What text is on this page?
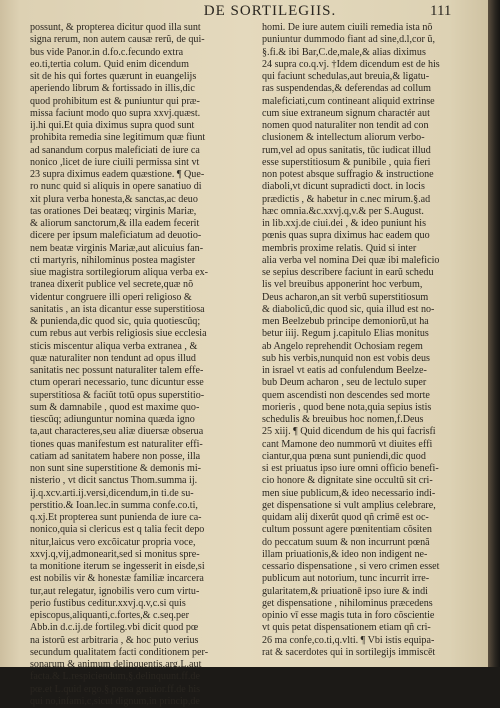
DE SORTILEGIIS.	111
possunt, & propterea dicitur quod illa sunt
signa rerum, non autem causæ rerũ, de qui-
bus vide Panor.in d.fo.c.fecundo extra
eo.ti,tertia colum. Quid enim dicendum
sit de his qui fortes quærunt in euangelijs
aperiendo librum & fortissado in illis,dic
quod prohibitum est & puniuntur qui præ-
missa faciunt modo quo supra xxvj.quæst.
ij.hi qui.Et quia diximus supra quod sunt
prohibita remedia sine legitimum quæ fiunt
ad sanandum corpus maleficiati de iure ca
nonico ,licet de iure ciuili permissa sint vt
23 supra diximus eadem quæstione. ¶ Que-
ro nunc quid si aliquis in opere sanatiuo di
xit plura verba honesta,& sanctas,ac deuo
tas orationes Dei beatæq; virginis Mariæ,
& aliorum sanctorum,& illa eadem fecerit
dicere per ipsum maleficiatum ad deuotio-
nem beatæ virginis Mariæ,aut alicuius fan-
cti martyris, nihilominus postea magister
siue magistra sortilegiorum aliqua verba ex-
tranea dixerit publice vel secrete,quæ nõ
videntur congruere illi operi religioso &
sanitatis , an ista dicantur esse superstitiosa
& punienda,dic quod sic, quia quotiescũq;
cum rebus aut verbis religiosis siue ecclesia
sticis miscentur aliqua verba extranea , &
quæ naturaliter non tendunt ad opus illud
sanitatis nec possunt naturaliter talem effe-
ctum operari necessario, tunc dicuntur esse
superstitiosa & faciũt totũ opus superstitio-
sum & damnabile , quod est maxime quo-
tiescũq; adiunguntur nomina quæda igno
ta,aut characteres,seu aliæ diuersæ obserua
tiones quas manifestum est naturaliter effi-
catiam ad sanitatem habere non posse, illa
non sunt sine superstitione & demonis mi-
nisterio , vt dicit sanctus Thom.summa ij.
ij.q.xcv.arti.ij.versi,dicendum,in ti.de su-
perstitio.& Ioan.lec.in summa confe.co.ti,
q.xj.Et propterea sunt punienda de iure ca-
nonico,quia si clericus est q talia fecit depo
nitur,laicus vero excõicatur propria voce,
xxvj.q,vij,admonearit,sed si monitus spre-
ta monitione iterum se ingesserit in eisde,si
est nobilis vir & honestæ familiæ incarcera
tur,aut relegatur, ignobilis vero cum virtu-
perio fustibus ceditur.xxvj.q.v,c.si quis
episcopus,aliquanti,c.fortes,& c.seq.per
Abb.in d.c.ij.de fortileg.vbi dicit quod pœ
na istorũ est arbitraria , & hoc puto verius
secundum qualitatem facti conditionem per-
sonarum & animum delinquentis,arg.L.aut
facta.& L.respiciendum,§.delinquunt.ff.de
pœ.et L.quid ergo.§.pœna grauior.ff.de his
qui no,infami,c,sicut dignum,in princip,de
homi. De iure autem ciuili remedia ista nõ
puniuntur dummodo fiant ad sine,d.l,cor ũ,
§.fi.& ibi Bar,C.de,male,& alias diximus
24 supra co.q.vj. †Idem dicendum est de his
qui faciunt schedulas,aut breuia,& ligatu-
ras suspendendas,& deferendas ad collum
maleficiati,cum contineant aliquid extrinse
cum siue extraneum signum charactér aut
nomen quod naturaliter non tendit ad con
clusionem & intellectum aliorum verbo-
rum,vel ad opus sanitatis, tūc iudicat illud
esse superstitiosum & punibile , quia fieri
non potest absque suffragio & instructione
diaboli,vt dicunt supradicti doct. in locis
prædictis , & habetur in c.nec mirum.§.ad
hæc omnia.&c.xxvj.q,v.& per S.August.
in lib.xxj.de ciui.dei , & ideo puniunt his
pœnis quas supra diximus hac eadem quo
membris proxime relatis. Quid si inter
alia verba vel nomina Dei quæ ibi maleficio
se sepius describere faciunt in earũ schedu
lis vel breuibus apponerint hoc verbum,
Deus acharon,an sit verbũ superstitiosum
& diabolicũ,dic quod sic, quia illud est no-
men Beelzebub principe demoniorũ,ut ha
betur iiij. Regum j.capitulo Elias monitus
ab Angelo reprehendit Ochosiam regem
sub his verbis,nunquid non est vobis deus
in israel vt eatis ad confulendum Beelze-
bub Deum acharon , seu de lectulo super
quem ascendisti non descendes sed morte
morieris , quod bene nota,quia sepius istis
schedulis & breuibus hoc nomen,f.Deus
25 xiij. ¶ Quid dicendum de his qui facrisfi
cant Mamone deo nummorũ vt diuites effi
ciantur,qua pœna sunt puniendi,dic quod
si est priuatus ipso iure omni officio benefi-
cio honore & dignitate sine occultũ sit cri-
men siue publicum,& ideo necessario indi-
get dispensatione si vult amplius celebrare,
quidam alij dixerũt quod qñ crimē est oc-
cultum possunt agere pœnitentiam cõsiten
do peccatum suum & non incurrunt pœnã
illam priuationis,& ideo non indigent ne-
cessario dispensatione , si vero crimen esset
publicum aut notorium, tunc incurrit irre-
gularitatem,& priuationē ipso iure & indi
get dispensatione , nihilominus præcedens
opinio vī esse magis tuta in foro cõscientie
vt quis petat dispensationem etiam qñ cri-
26 ma confe,co.ti,q.vlti. ¶ Vbi istis equipa-
rat & sacerdotes qui in sortilegijs immiscēt
